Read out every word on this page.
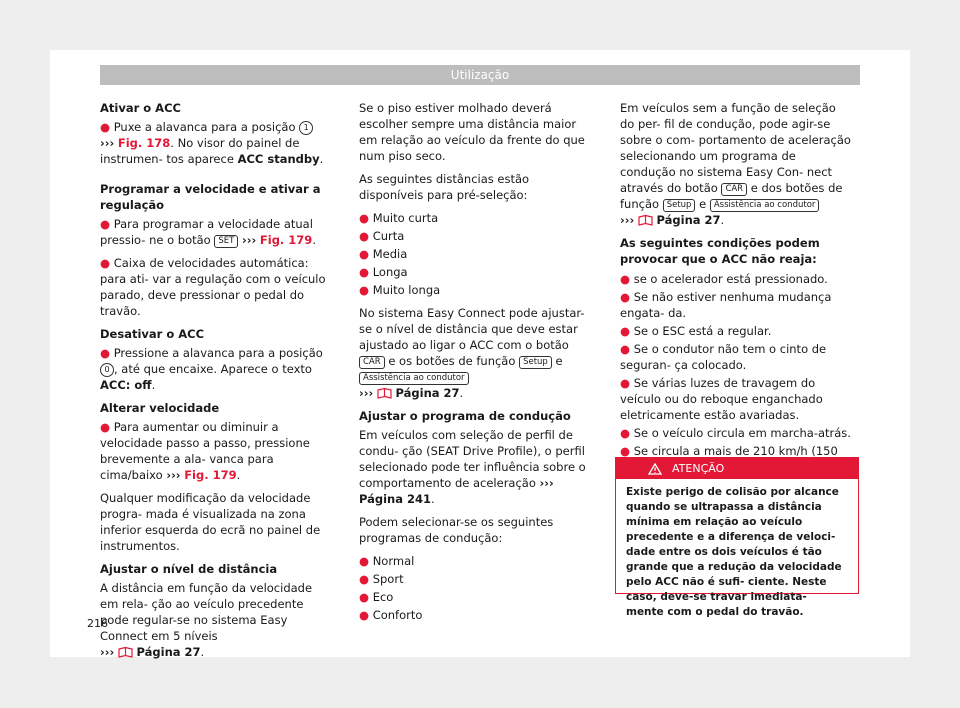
Utilização
Ativar o ACC

● Puxe a alavanca para a posição 1
››› Fig. 178. No visor do painel de instrumen- tos aparece ACC standby.

Programar a velocidade e ativar a regulação

● Para programar a velocidade atual pressio- ne o botão SET ››› Fig. 179.

● Caixa de velocidades automática: para ati- var a regulação com o veículo parado, deve pressionar o pedal do travão.

Desativar o ACC

● Pressione a alavanca para a posição 0 , até que encaixe. Aparece o texto ACC: off.

Alterar velocidade

● Para aumentar ou diminuir a velocidade passo a passo, pressione brevemente a ala- vanca para cima/baixo ››› Fig. 179.

Qualquer modificação da velocidade progra- mada é visualizada na zona inferior esquerda do ecrã no painel de instrumentos.

Ajustar o nível de distância

A distância em função da velocidade em rela- ção ao veículo precedente pode regular-se no sistema Easy Connect em 5 níveis
››› Página 27.

Se o piso estiver molhado deverá escolher sempre uma distância maior em relação ao veículo da frente do que num piso seco.

As seguintes distâncias estão disponíveis para pré-seleção:

● Muito curta
● Curta
● Media
● Longa
● Muito longa

No sistema Easy Connect pode ajustar-se o nível de distância que deve estar ajustado ao ligar o ACC com o botão CAR e os botões de função Setup e Assistência ao condutor
››› Página 27.

Ajustar o programa de condução

Em veículos com seleção de perfil de condu- ção (SEAT Drive Profile), o perfil selecionado pode ter influência sobre o comportamento de aceleração ››› Página 241.

Podem selecionar-se os seguintes programas de condução:

● Normal
● Sport
● Eco
● Conforto

Em veículos sem a função de seleção do per- fil de condução, pode agir-se sobre o com- portamento de aceleração selecionando um programa de condução no sistema Easy Con- nect através do botão CAR e dos botões de função Setup e Assistência ao condutor
››› Página 27.

As seguintes condições podem provocar que o ACC não reaja:
● se o acelerador está pressionado.
● Se não estiver nenhuma mudança engata- da.
● Se o ESC está a regular.
● Se o condutor não tem o cinto de seguran- ça colocado.
● Se várias luzes de travagem do veículo ou do reboque enganchado eletricamente estão avariadas.
● Se o veículo circula em marcha-atrás.
● Se circula a mais de 210 km/h (150
ATENÇÃO
Existe perigo de colisão por alcance quando se ultrapassa a distância mínima em relação ao veículo precedente e a diferença de veloci- dade entre os dois veículos é tão grande que a redução da velocidade pelo ACC não é sufi- ciente. Neste caso, deve-se travar imediata- mente com o pedal do travão.
216
